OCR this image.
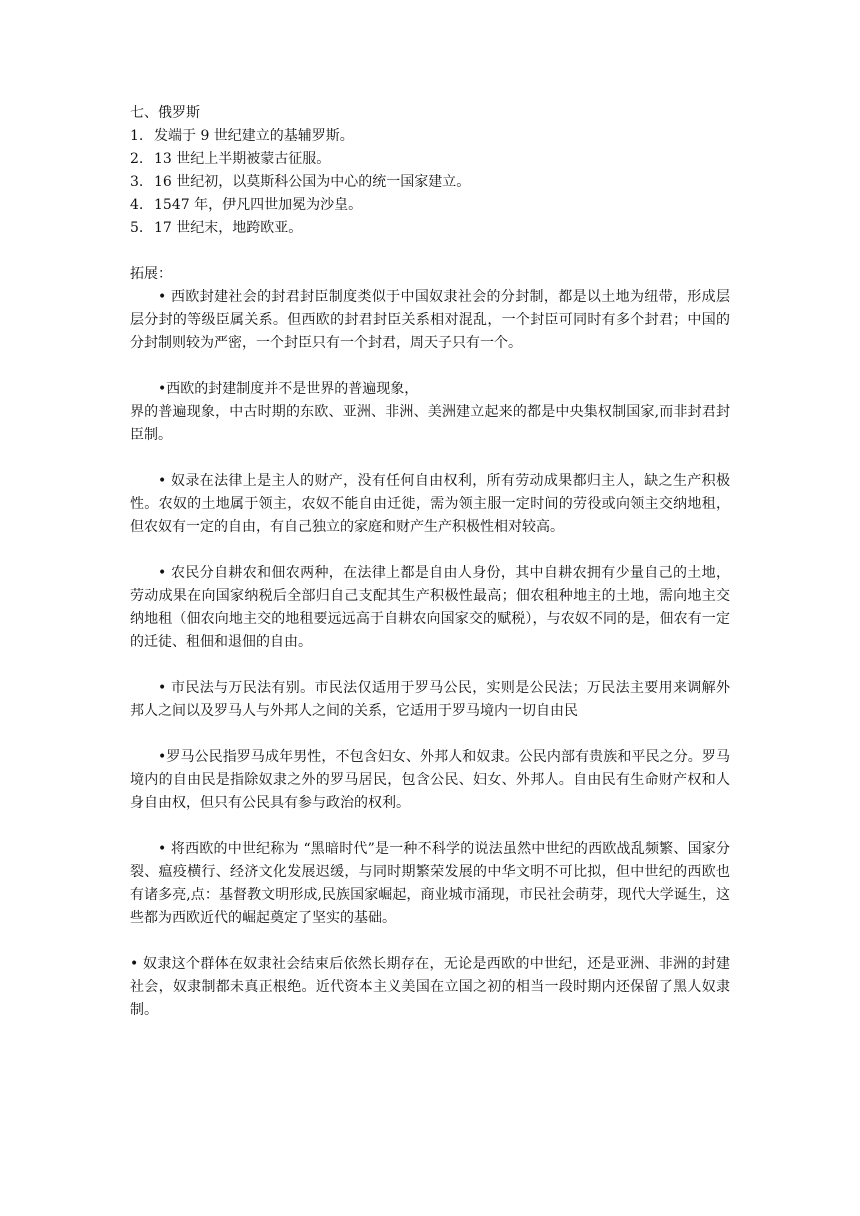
七、俄罗斯
1. 发端于 9 世纪建立的基辅罗斯。
2. 13 世纪上半期被蒙古征服。
3. 16 世纪初，以莫斯科公国为中心的统一国家建立。
4. 1547 年，伊凡四世加冕为沙皇。
5. 17 世纪末，地跨欧亚。

拓展：

• 西欧封建社会的封君封臣制度类似于中国奴隶社会的分封制，都是以土地为纽带，形成层层分封的等级臣属关系。但西欧的封君封臣关系相对混乱，一个封臣可同时有多个封君；中国的分封制则较为严密，一个封臣只有一个封君，周天子只有一个。

•西欧的封建制度并不是世界的普遍现象，

界的普遍现象，中古时期的东欧、亚洲、非洲、美洲建立起来的都是中央集权制国家,而非封君封臣制。

• 奴录在法律上是主人的财产，没有任何自由权利，所有劳动成果都归主人，缺之生产积极性。农奴的土地属于领主，农奴不能自由迁徙，需为领主服一定时间的劳役或向领主交纳地租，但农奴有一定的自由，有自己独立的家庭和财产生产积极性相对较高。

• 农民分自耕农和佃农两种，在法律上都是自由人身份，其中自耕农拥有少量自己的土地，劳动成果在向国家纳税后全部归自己支配其生产积极性最高；佃农租种地主的土地，需向地主交纳地租（佃农向地主交的地租要远远高于自耕农向国家交的赋税），与农奴不同的是，佃农有一定的迁徒、租佃和退佃的自由。

• 市民法与万民法有别。市民法仅适用于罗马公民，实则是公民法；万民法主要用来调解外邦人之间以及罗马人与外邦人之间的关系，它适用于罗马境内一切自由民

•罗马公民指罗马成年男性，不包含妇女、外邦人和奴隶。公民内部有贵族和平民之分。罗马境内的自由民是指除奴隶之外的罗马居民，包含公民、妇女、外邦人。自由民有生命财产权和人身自由权，但只有公民具有参与政治的权利。

• 将西欧的中世纪称为 “黑暗时代”是一种不科学的说法虽然中世纪的西欧战乱频繁、国家分裂、瘟疫横行、经济文化发展迟缓，与同时期繁荣发展的中华文明不可比拟，但中世纪的西欧也有诸多亮,点：基督教文明形成,民族国家崛起，商业城市涌现，市民社会萌芽，现代大学诞生，这些都为西欧近代的崛起奠定了坚实的基础。

• 奴隶这个群体在奴隶社会结束后依然长期存在，无论是西欧的中世纪，还是亚洲、非洲的封建社会，奴隶制都未真正根绝。近代资本主义美国在立国之初的相当一段时期内还保留了黑人奴隶制。
